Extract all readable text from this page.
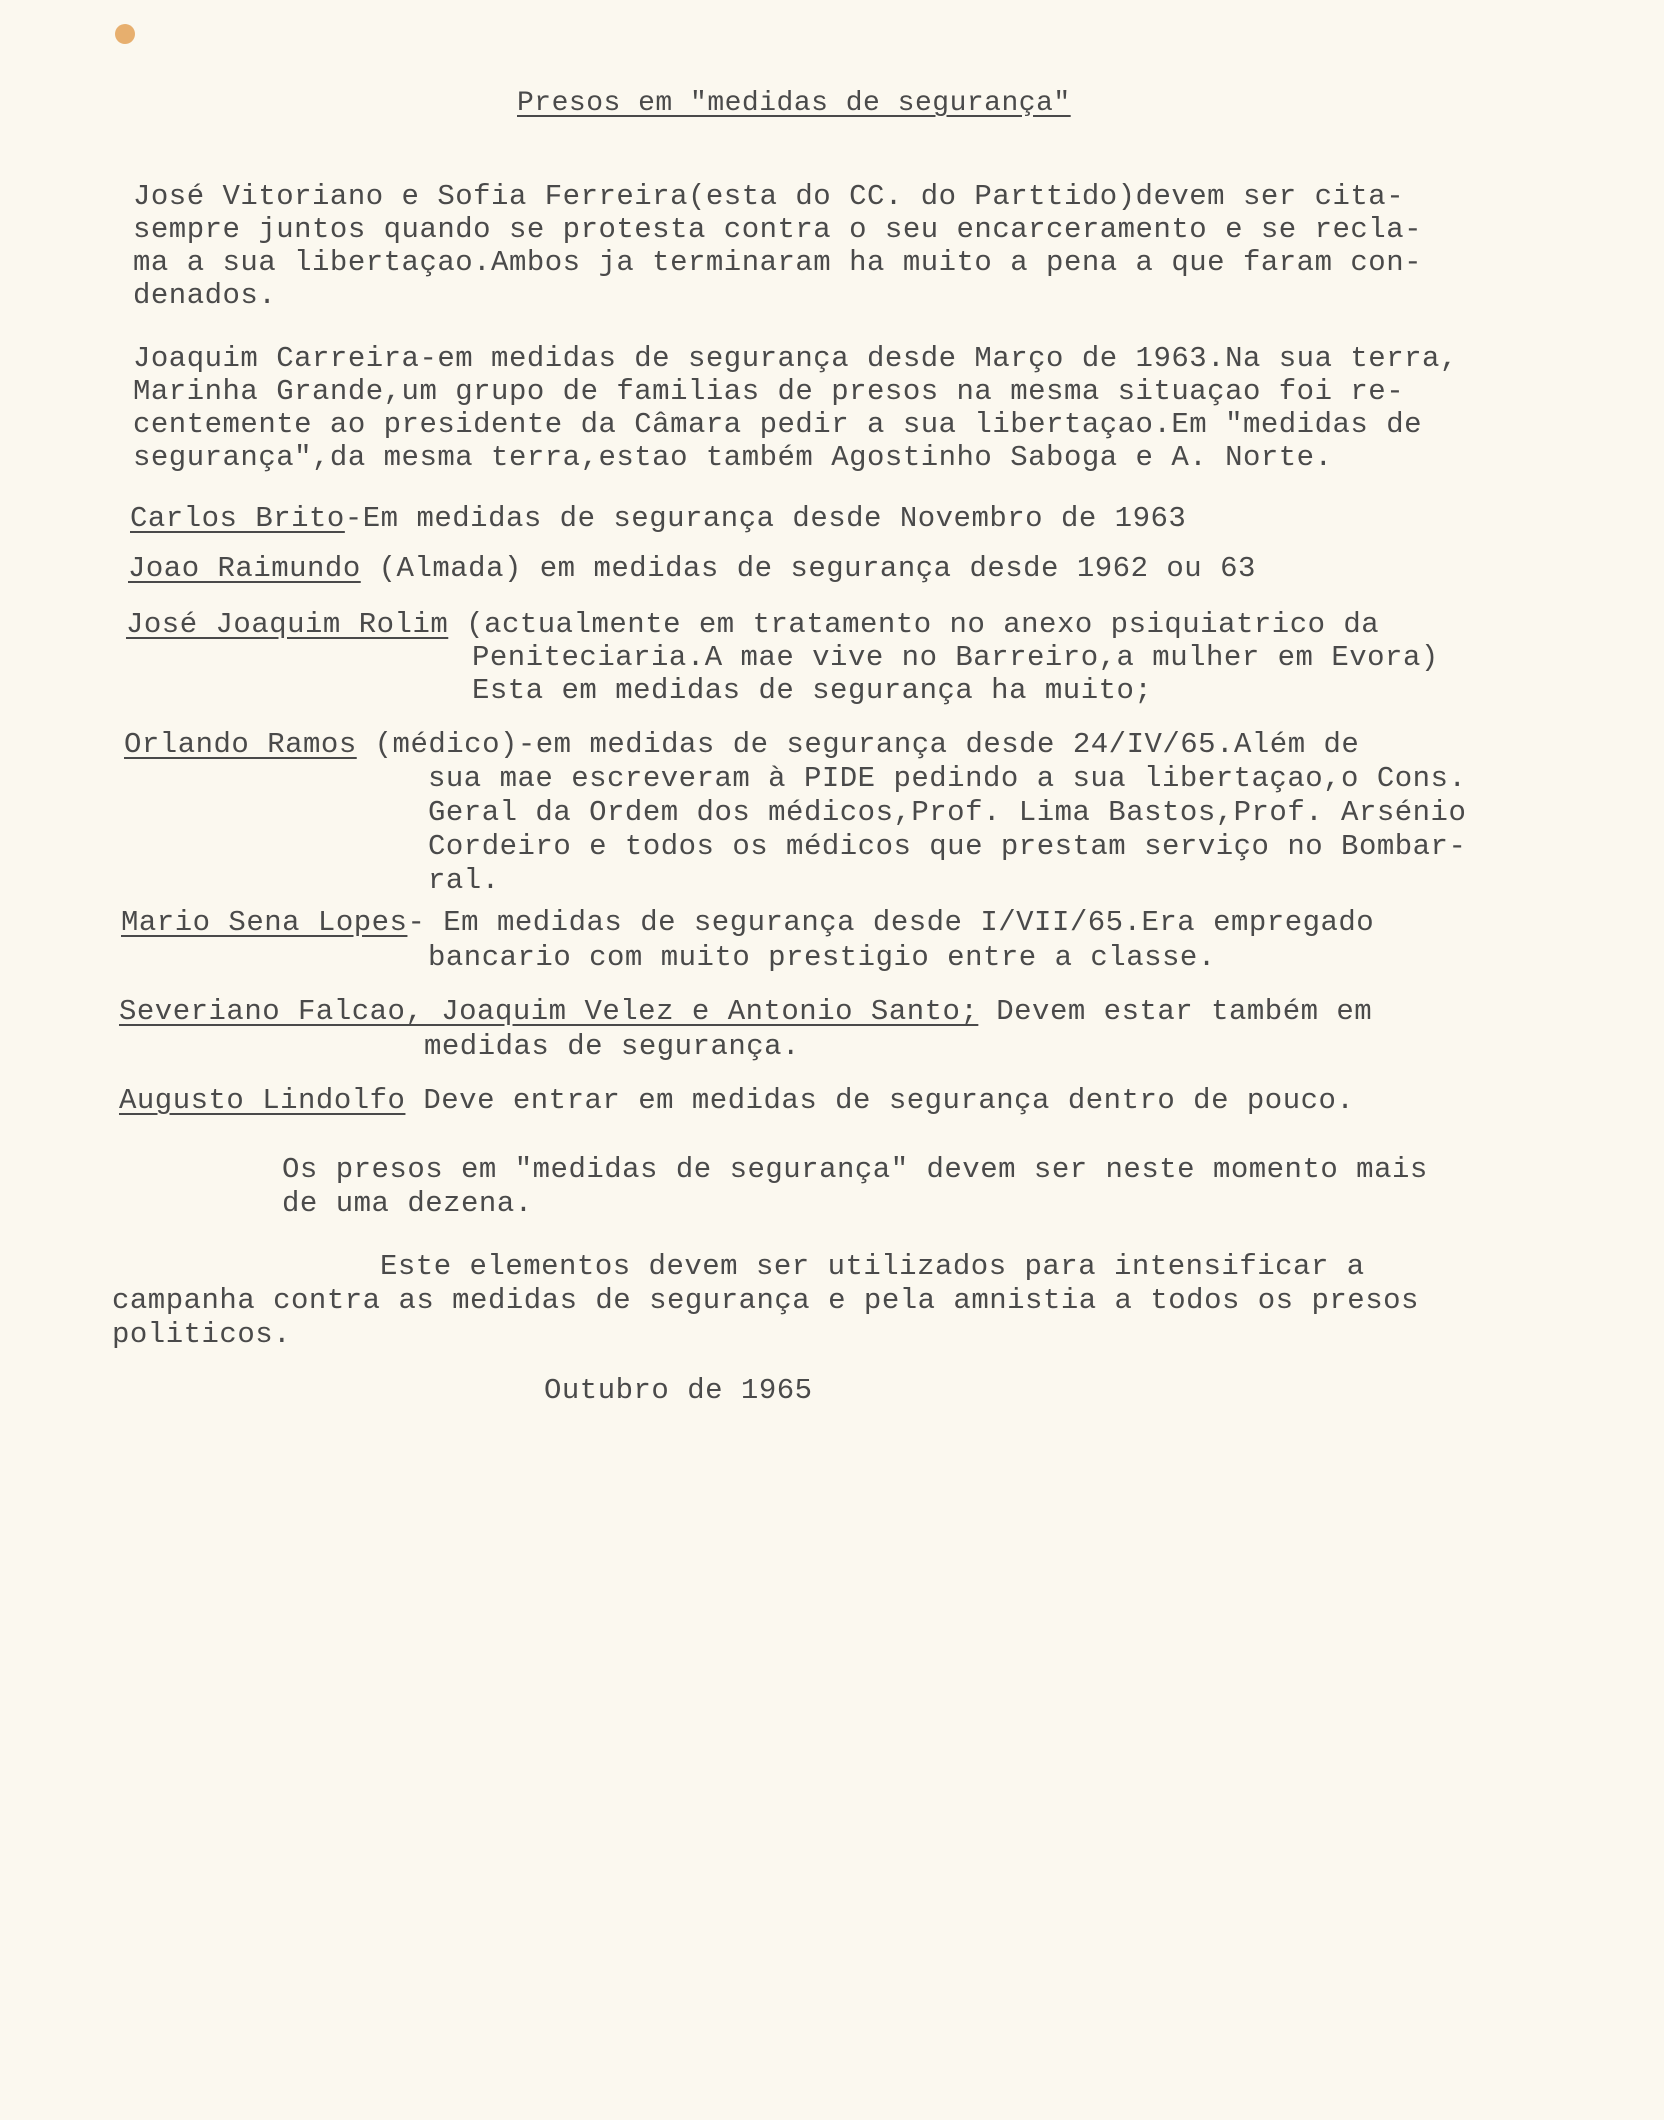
Presos em "medidas de segurança"
José Vitoriano e Sofia Ferreira(esta do CC. do Parttido)devem ser cita-
sempre juntos quando se protesta contra o seu encarceramento e se recla-
ma a sua libertaçao.Ambos ja terminaram ha muito a pena a que faram con-
denados.
Joaquim Carreira-em medidas de segurança desde Março de 1963.Na sua terra,
Marinha Grande,um grupo de familias de presos na mesma situaçao foi re-
centemente ao presidente da Câmara pedir a sua libertaçao.Em "medidas de
segurança",da mesma terra,estao também Agostinho Saboga e A. Norte.
Carlos Brito-Em medidas de segurança desde Novembro de 1963
Joao Raimundo (Almada) em medidas de segurança desde 1962 ou 63
José Joaquim Rolim (actualmente em tratamento no anexo psiquiatrico da
Peniteciaria.A mae vive no Barreiro,a mulher em Evora)
Esta em medidas de segurança ha muito;
Orlando Ramos (médico)-em medidas de segurança desde 24/IV/65.Além de
sua mae escreveram à PIDE pedindo a sua libertaçao,o Cons.
Geral da Ordem dos médicos,Prof. Lima Bastos,Prof. Arsénio
Cordeiro e todos os médicos que prestam serviço no Bombar-
ral.
Mario Sena Lopes- Em medidas de segurança desde I/VII/65.Era empregado
bancario com muito prestigio entre a classe.
Severiano Falcao, Joaquim Velez e Antonio Santo; Devem estar também em
medidas de segurança.
Augusto Lindolfo Deve entrar em medidas de segurança dentro de pouco.
Os presos em "medidas de segurança" devem ser neste momento mais
de uma dezena.
Este elementos devem ser utilizados para intensificar a
campanha contra as medidas de segurança e pela amnistia a todos os presos
politicos.
Outubro de 1965
